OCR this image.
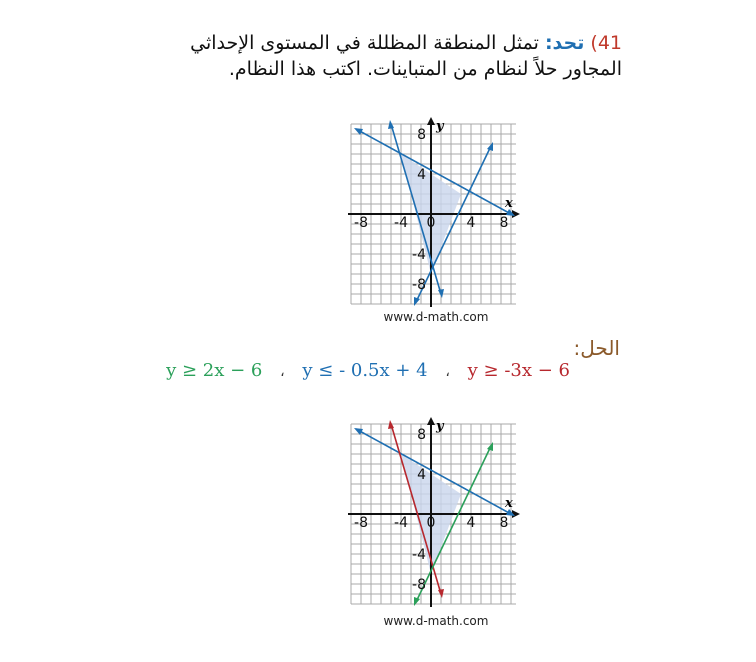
41) تحد: تمثل المنطقة المظللة في المستوى الإحداثي
المجاور حلاً لنظام من المتباينات. اكتب هذا النظام.
y
x
-8 -4 0 4 8
8
4
-4
-8
www.d-math.com
الحل:
y ≥ 2x − 6 ، y ≤ - 0.5x + 4 ، y ≥ -3x − 6
y
x
-8 -4 0 4 8
8
4
-4
-8
www.d-math.com
